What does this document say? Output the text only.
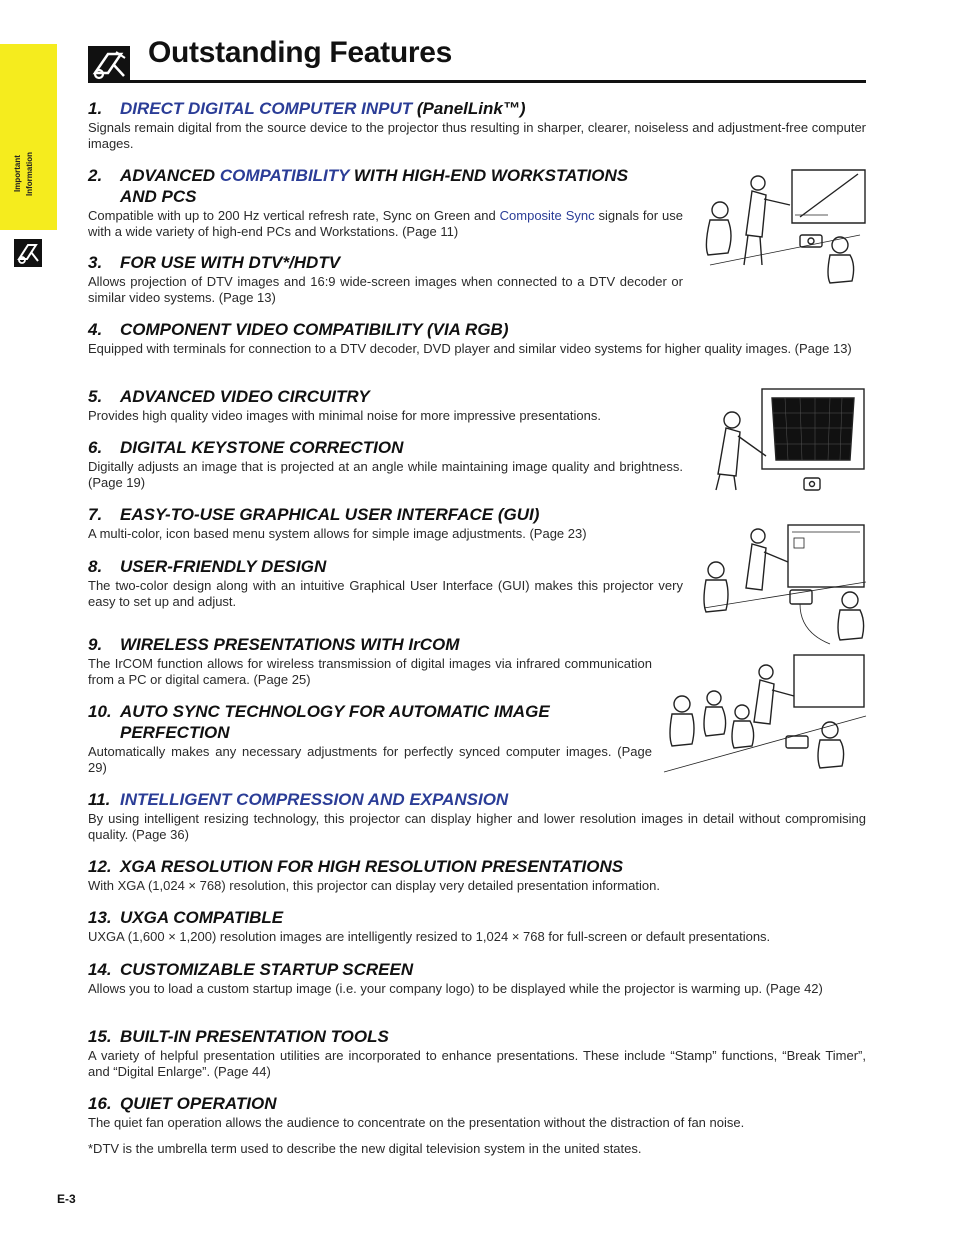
Important Information
Outstanding Features
1. DIRECT DIGITAL COMPUTER INPUT (PanelLink™)

Signals remain digital from the source device to the projector thus resulting in sharper, clearer, noiseless and adjustment-free computer images.

2. ADVANCED COMPATIBILITY WITH HIGH-END WORKSTATIONS
AND PCS

Compatible with up to 200 Hz vertical refresh rate, Sync on Green and Composite Sync signals for use with a wide variety of high-end PCs and Workstations. (Page 11)

3. FOR USE WITH DTV*/HDTV

Allows projection of DTV images and 16:9 wide-screen images when connected to a DTV decoder or similar video systems. (Page 13)

4. COMPONENT VIDEO COMPATIBILITY (VIA RGB)

Equipped with terminals for connection to a DTV decoder, DVD player and similar video systems for higher quality images. (Page 13)

5. ADVANCED VIDEO CIRCUITRY

Provides high quality video images with minimal noise for more impressive presentations.

6. DIGITAL KEYSTONE CORRECTION

Digitally adjusts an image that is projected at an angle while maintaining image quality and brightness. (Page 19)

7. EASY-TO-USE GRAPHICAL USER INTERFACE (GUI)

A multi-color, icon based menu system allows for simple image adjustments. (Page 23)

8. USER-FRIENDLY DESIGN

The two-color design along with an intuitive Graphical User Interface (GUI) makes this projector very easy to set up and adjust.

9. WIRELESS PRESENTATIONS WITH IrCOM

The IrCOM function allows for wireless transmission of digital images via infrared communication from a PC or digital camera. (Page 25)

10. AUTO SYNC TECHNOLOGY FOR AUTOMATIC IMAGE
PERFECTION

Automatically makes any necessary adjustments for perfectly synced computer images. (Page 29)

11. INTELLIGENT COMPRESSION AND EXPANSION

By using intelligent resizing technology, this projector can display higher and lower resolution images in detail without compromising quality. (Page 36)

12. XGA RESOLUTION FOR HIGH RESOLUTION PRESENTATIONS

With XGA (1,024 × 768) resolution, this projector can display very detailed presentation information.

13. UXGA COMPATIBLE

UXGA (1,600 × 1,200) resolution images are intelligently resized to 1,024 × 768 for full-screen or default presentations.

14. CUSTOMIZABLE STARTUP SCREEN

Allows you to load a custom startup image (i.e. your company logo) to be displayed while the projector is warming up. (Page 42)

15. BUILT-IN PRESENTATION TOOLS

A variety of helpful presentation utilities are incorporated to enhance presentations. These include “Stamp” functions, “Break Timer”, and “Digital Enlarge”. (Page 44)

16. QUIET OPERATION

The quiet fan operation allows the audience to concentrate on the presentation without the distraction of fan noise.

*DTV is the umbrella term used to describe the new digital television system in the united states.

E-3
